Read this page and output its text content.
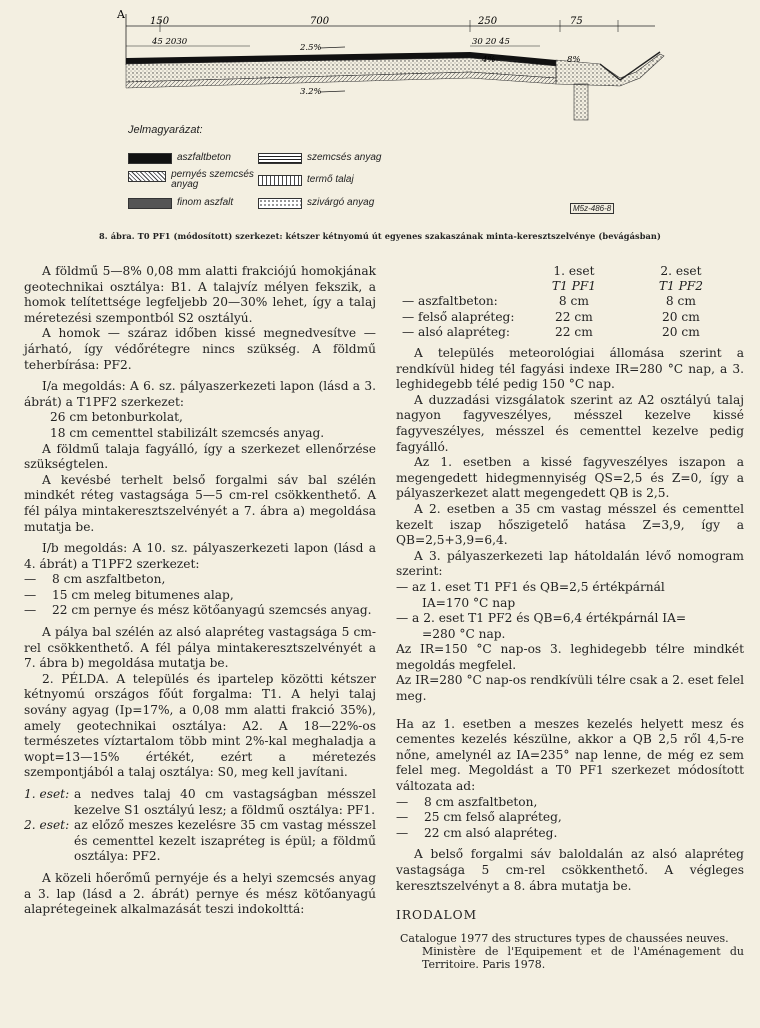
A
150	700	250	75
45 2030	30 20 45
2.5%
3.2%
4%	8%
Jelmagyarázat:
aszfaltbeton
pernyés szemcsés anyag
finom aszfalt
szemcsés anyag
termő talaj
szivárgó anyag
M5z-486-8
8. ábra. T0 PF1 (módosított) szerkezet: kétszer kétnyomú út egyenes szakaszának minta-keresztszelvénye (bevágásban)

A földmű 5—8% 0,08 mm alatti frakciójú homokjának geotechnikai osztálya: B1. A talajvíz mélyen fekszik, a homok telítettsége legfeljebb 20—30% lehet, így a talaj méretezési szempontból S2 osztályú.

A homok — száraz időben kissé megnedvesítve — járható, így védőrétegre nincs szükség. A földmű teherbírása: PF2.

I/a megoldás: A 6. sz. pályaszerkezeti lapon (lásd a 3. ábrát) a T1PF2 szerkezet:

26 cm betonburkolat,

18 cm cementtel stabilizált szemcsés anyag.

A földmű talaja fagyálló, így a szerkezet ellenőrzése szükségtelen.

A kevésbé terhelt belső forgalmi sáv bal szélén mindkét réteg vastagsága 5—5 cm-rel csökkenthető. A fél pálya mintakeresztszelvényét a 7. ábra a) megoldása mutatja be.

I/b megoldás: A 10. sz. pályaszerkezeti lapon (lásd a 4. ábrát) a T1PF2 szerkezet:

—	8 cm aszfaltbeton,
—	15 cm meleg bitumenes alap,
—	22 cm pernye és mész kötőanyagú szemcsés anyag.

A pálya bal szélén az alsó alapréteg vastagsága 5 cm-rel csökkenthető. A fél pálya mintakeresztszelvényét a 7. ábra b) megoldása mutatja be.

2. PÉLDA. A település és ipartelep közötti kétszer kétnyomú országos főút forgalma: T1. A helyi talaj sovány agyag (Ip=17%, a 0,08 mm alatti frakció 35%), amely geotechnikai osztálya: A2. A 18—22%-os természetes víztartalom több mint 2%-kal meghaladja a wopt=13—15% értékét, ezért a méretezés szempontjából a talaj osztálya: S0, meg kell javítani.

1. eset: a nedves talaj 40 cm vastagságban mésszel kezelve S1 osztályú lesz; a földmű osztálya: PF1.

2. eset: az előző meszes kezelésre 35 cm vastag mésszel és cementtel kezelt iszapréteg is épül; a földmű osztálya: PF2.

A közeli hőerőmű pernyéje és a helyi szemcsés anyag a 3. lap (lásd a 2. ábrát) pernye és mész kötőanyagú alaprétegeinek alkalmazását teszi indokolttá:

	1. eset	2. eset
	T1 PF1	T1 PF2
— aszfaltbeton:	8 cm	8 cm
— felső alapréteg:	22 cm	20 cm
— alsó alapréteg:	22 cm	20 cm

A település meteorológiai állomása szerint a rendkívül hideg tél fagyási indexe IR=280 °C nap, a 3. leghidegebb télé pedig 150 °C nap.

A duzzadási vizsgálatok szerint az A2 osztályú talaj nagyon fagyveszélyes, mésszel kezelve kissé fagyveszélyes, mésszel és cementtel kezelve pedig fagyálló.

Az 1. esetben a kissé fagyveszélyes iszapon a megengedett hidegmennyiség QS=2,5 és Z=0, így a pályaszerkezet alatt megengedett QB is 2,5.

A 2. esetben a 35 cm vastag mésszel és cementtel kezelt iszap hőszigetelő hatása Z=3,9, így a QB=2,5+3,9=6,4.

A 3. pályaszerkezeti lap hátoldalán lévő nomogram szerint:

— az 1. eset T1 PF1 és QB=2,5 értékpárnál

IA=170 °C nap

— a 2. eset T1 PF2 és QB=6,4 értékpárnál IA=

=280 °C nap.

Az IR=150 °C nap-os 3. leghidegebb télre mindkét megoldás megfelel.

Az IR=280 °C nap-os rendkívüli télre csak a 2. eset felel meg.

Ha az 1. esetben a meszes kezelés helyett mesz és cementes kezelés készülne, akkor a QB 2,5 ről 4,5-re nőne, amelynél az IA=235° nap lenne, de még ez sem felel meg. Megoldást a T0 PF1 szerkezet módosított változata ad:

—	8 cm aszfaltbeton,
—	25 cm felső alapréteg,
—	22 cm alsó alapréteg.

A belső forgalmi sáv baloldalán az alsó alapréteg vastagsága 5 cm-rel csökkenthető. A végleges keresztszelvényt a 8. ábra mutatja be.

IRODALOM

Catalogue 1977 des structures types de chaussées neuves.
Ministère de l'Equipement et de l'Aménagement du Territoire. Paris 1978.
